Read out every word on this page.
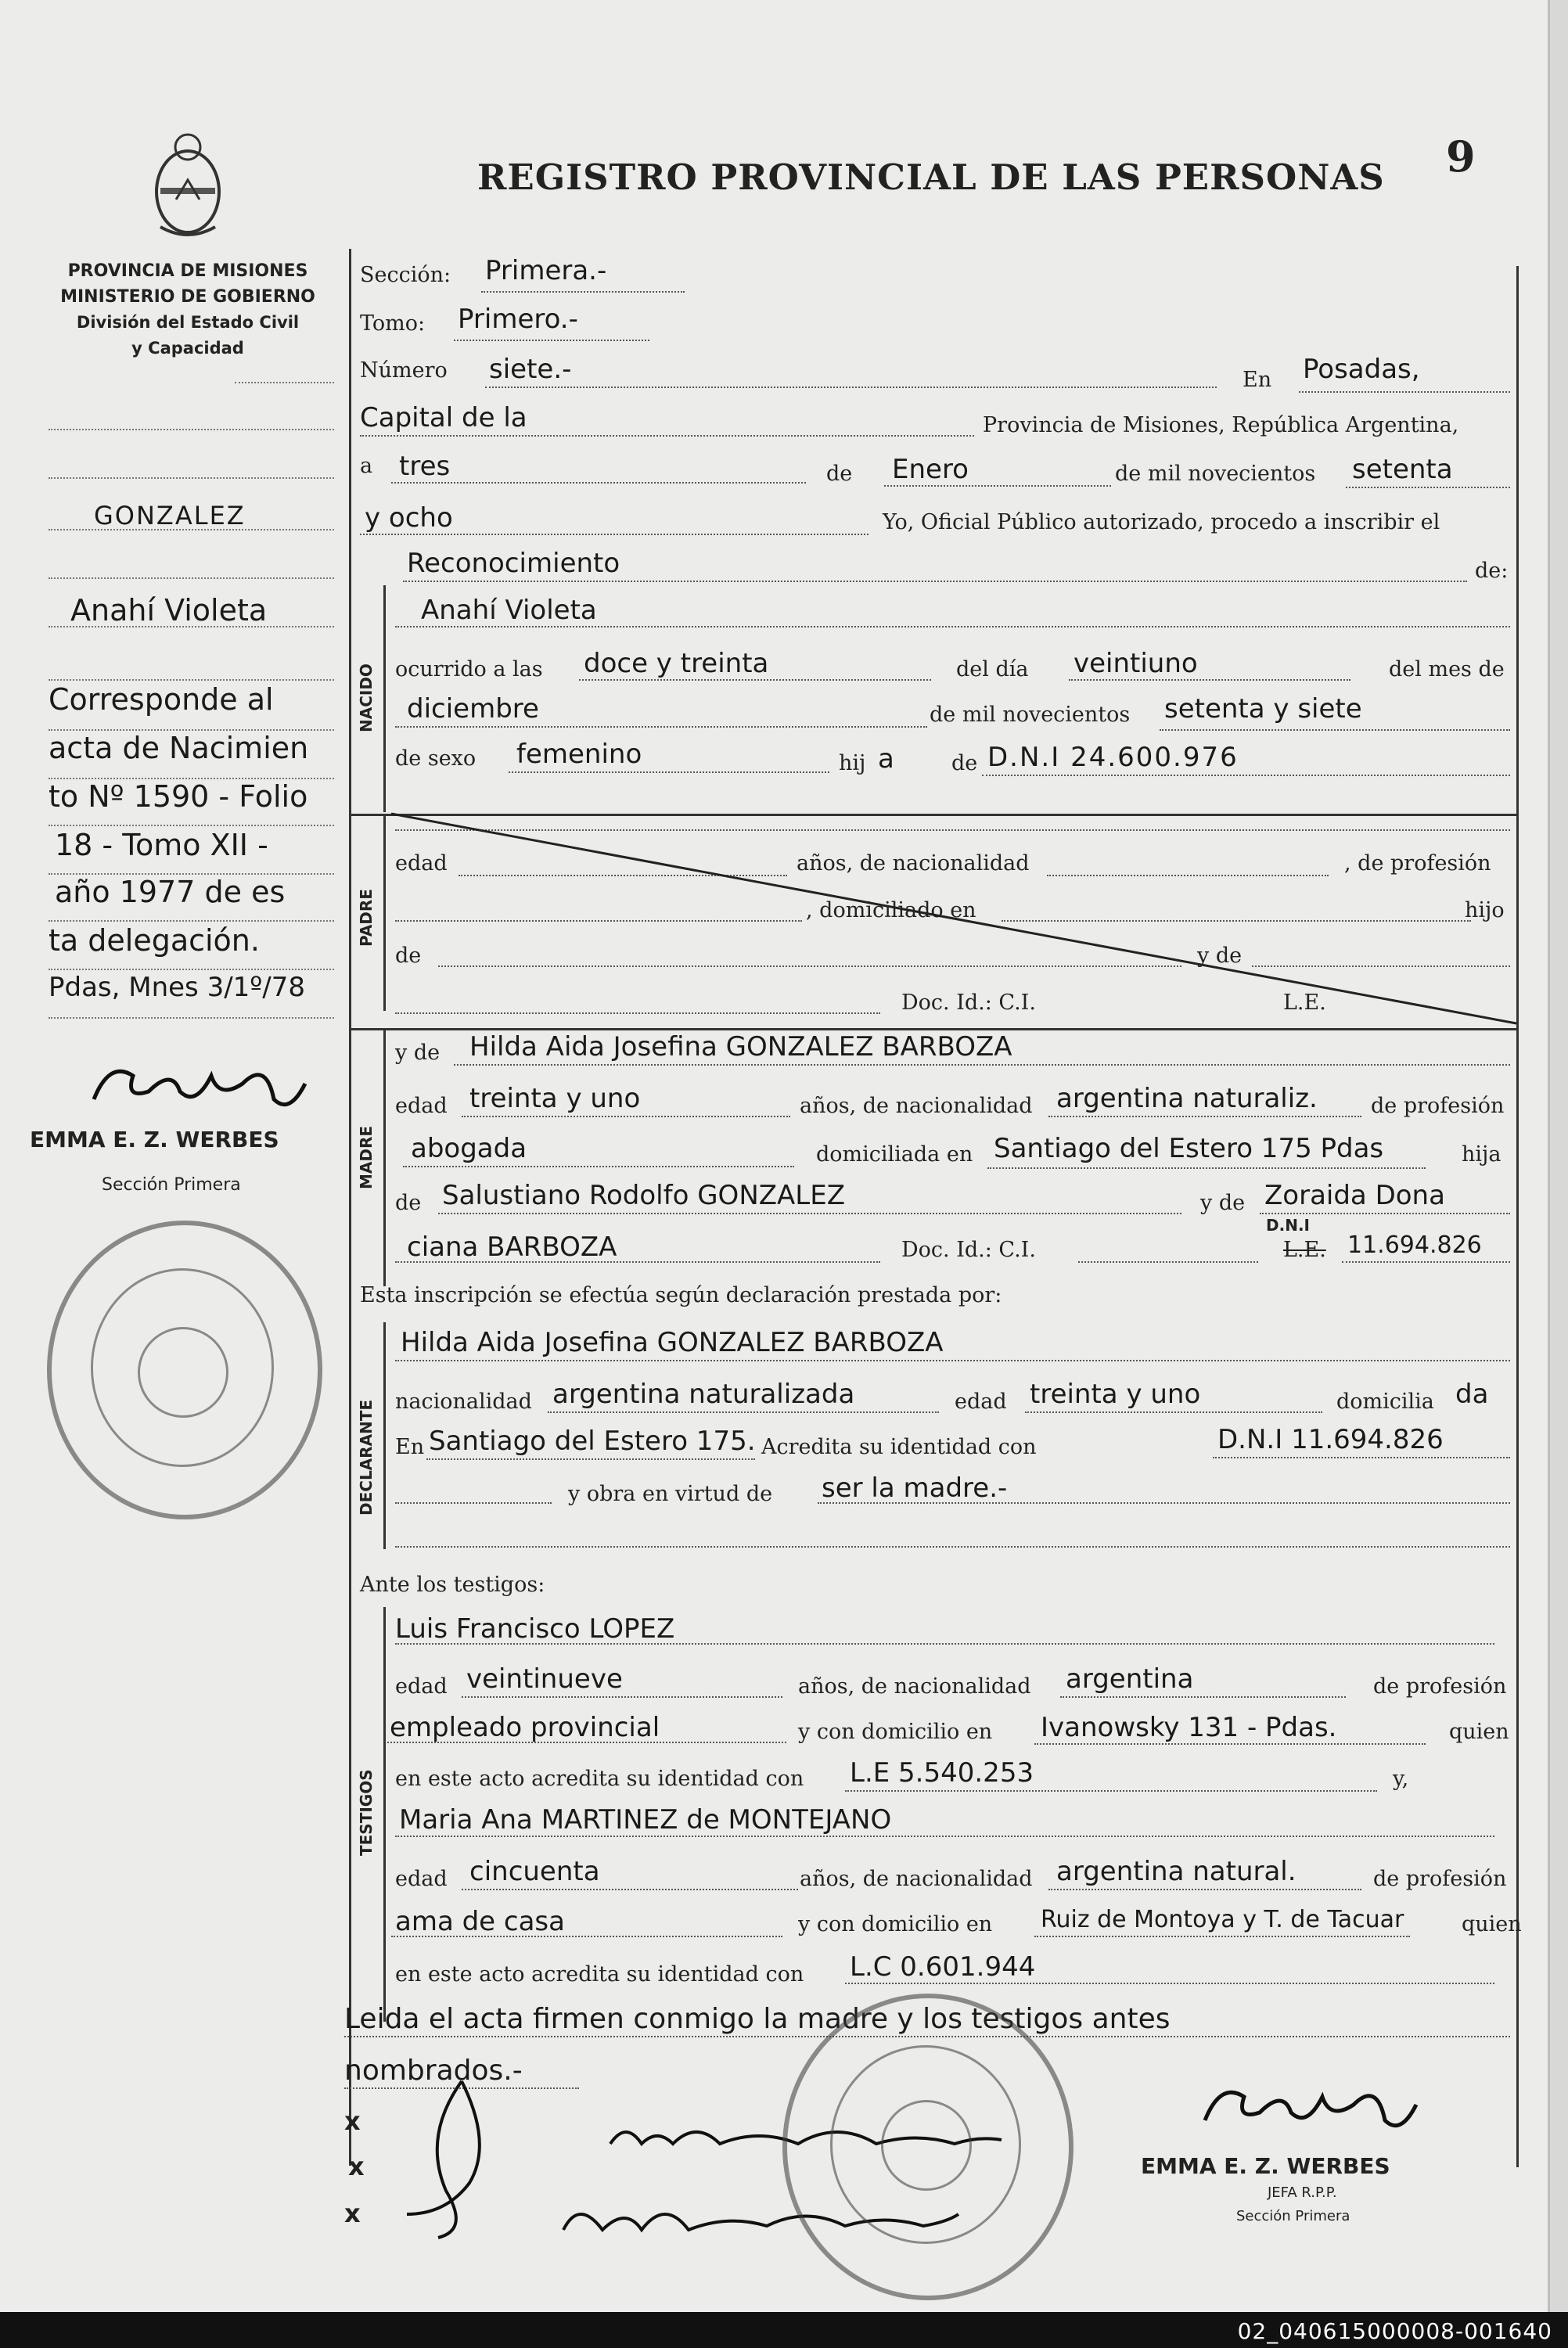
REGISTRO PROVINCIAL DE LAS PERSONAS 9
PROVINCIA DE MISIONES
MINISTERIO DE GOBIERNO
División del Estado Civil
y Capacidad
GONZALEZ
Anahí Violeta
Corresponde al
acta de Nacimien
to Nº 1590 - Folio
18 - Tomo XII -
año 1977 de es
ta delegación.
Pdas, Mnes 3/1º/78
EMMA E. Z. WERBES
Sección Primera
NACIDO
PADRE
MADRE
DECLARANTE
TESTIGOS
Sección: Primera.-
Tomo: Primero.-
Número siete.-	En Posadas,
Capital de la	Provincia de Misiones, República Argentina,
a tres	de Enero	de mil novecientos setenta
y ocho	Yo, Oficial Público autorizado, procedo a inscribir el
Reconocimiento	de:
Anahí Violeta
ocurrido a las doce y treinta	del día veintiuno	del mes de
diciembre	de mil novecientos setenta y siete
de sexo femenino	hij a	de D.N.I 24.600.976
edad	años, de nacionalidad	, de profesión
, domiciliado en	hijo
de	y de
Doc. Id.: C.I.	L.E.
y de Hilda Aida Josefina GONZALEZ BARBOZA
edad treinta y uno	años, de nacionalidad argentina naturaliz.	de profesión
abogada	domiciliada en Santiago del Estero 175 Pdas	hija
de Salustiano Rodolfo GONZALEZ	y de Zoraida Dona
ciana BARBOZA	Doc. Id.: C.I.
D.N.I
L.E. 11.694.826
Esta inscripción se efectúa según declaración prestada por:
Hilda Aida Josefina GONZALEZ BARBOZA
nacionalidad argentina naturalizada	edad treinta y uno	domicilia da
En Santiago del Estero 175. Acredita su identidad con	D.N.I 11.694.826
y obra en virtud de ser la madre.-
Ante los testigos:
Luis Francisco LOPEZ
edad veintinueve	años, de nacionalidad argentina	de profesión
empleado provincial	y con domicilio en Ivanowsky 131 - Pdas.	quien
en este acto acredita su identidad con L.E 5.540.253	y,
Maria Ana MARTINEZ de MONTEJANO
edad cincuenta	años, de nacionalidad argentina natural.	de profesión
ama de casa	y con domicilio en Ruiz de Montoya y T. de Tacuar	quien
en este acto acredita su identidad con L.C 0.601.944
Leida el acta firmen conmigo la madre y los testigos antes
nombrados.-
x
x
x
EMMA E. Z. WERBES
JEFA R.P.P.
Sección Primera
02_040615000008-001640
